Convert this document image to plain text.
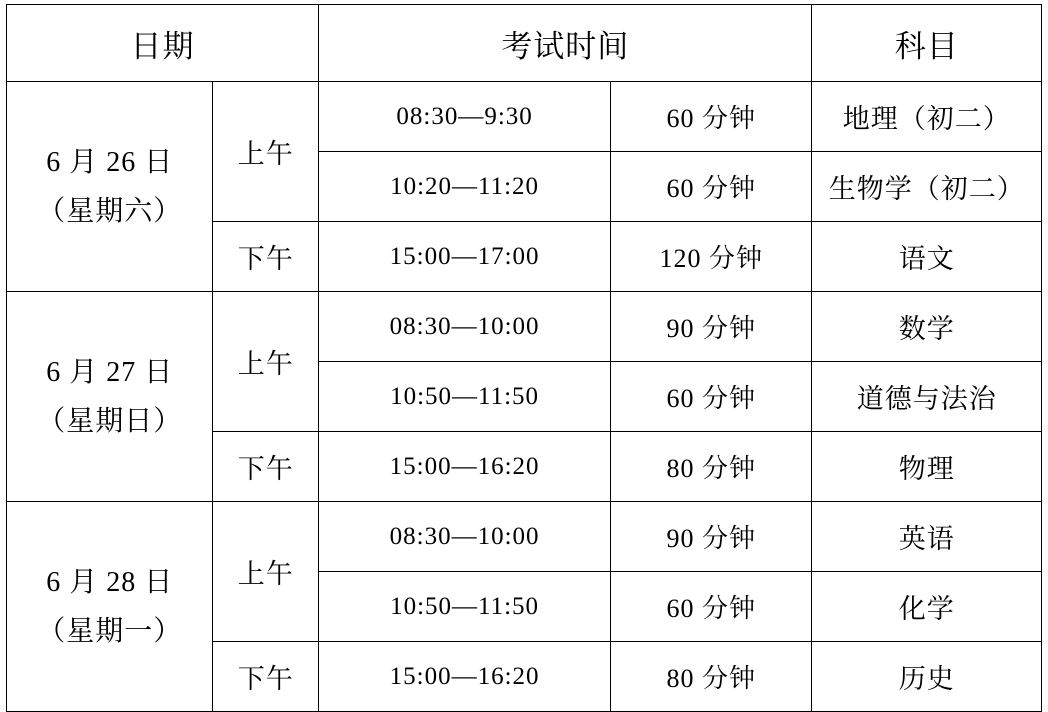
日期		考试时间		科目
6 月 26 日
（星期六）	上午	08:30—9:30	60 分钟	地理（初二）
		10:20—11:20	60 分钟	生物学（初二）
	下午	15:00—17:00	120 分钟	语文
6 月 27 日
（星期日）	上午	08:30—10:00	90 分钟	数学
		10:50—11:50	60 分钟	道德与法治
	下午	15:00—16:20	80 分钟	物理
6 月 28 日
（星期一）	上午	08:30—10:00	90 分钟	英语
		10:50—11:50	60 分钟	化学
	下午	15:00—16:20	80 分钟	历史
